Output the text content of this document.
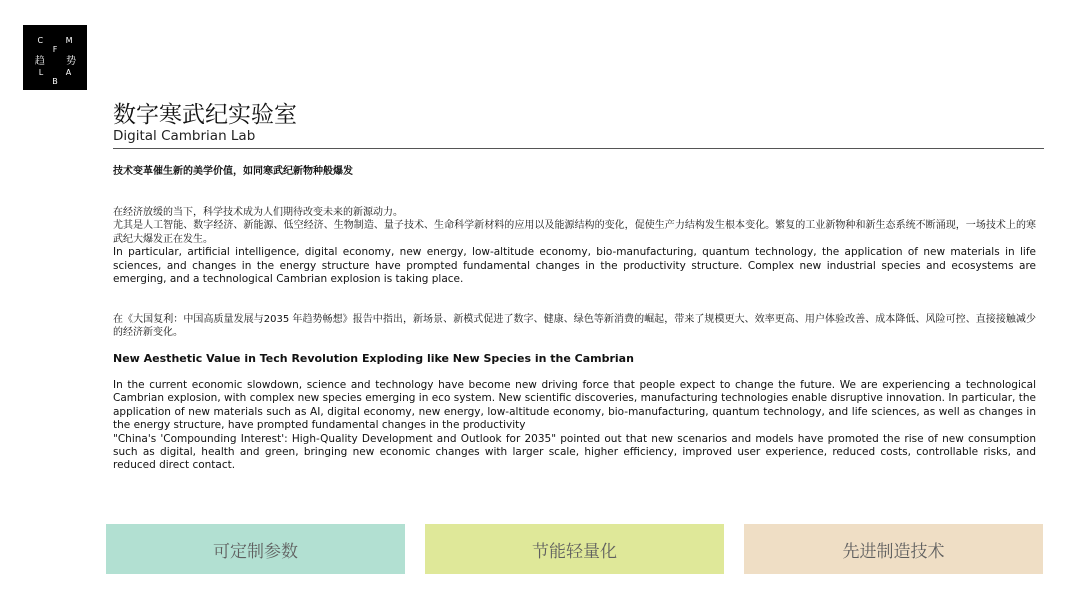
C M F
趋 势
L A B
数字寒武纪实验室
Digital Cambrian Lab
技术变革催生新的美学价值，如同寒武纪新物种般爆发
在经济放缓的当下，科学技术成为人们期待改变未来的新源动力。
尤其是人工智能、数字经济、新能源、低空经济、生物制造、量子技术、生命科学新材料的应用以及能源结构的变化，促使生产力结构发生根本变化。繁复的工业新物种和新生态系统不断涌现，一场技术上的寒武纪大爆发正在发生。
In particular, artificial intelligence, digital economy, new energy, low-altitude economy, bio-manufacturing, quantum technology, the application of new materials in life sciences, and changes in the energy structure have prompted fundamental changes in the productivity structure. Complex new industrial species and ecosystems are emerging, and a technological Cambrian explosion is taking place.
在《大国复利：中国高质量发展与2035 年趋势畅想》报告中指出，新场景、新模式促进了数字、健康、绿色等新消费的崛起，带来了规模更大、效率更高、用户体验改善、成本降低、风险可控、直接接触减少的经济新变化。
New Aesthetic Value in Tech Revolution Exploding like New Species in the Cambrian
In the current economic slowdown, science and technology have become new driving force that people expect to change the future. We are experiencing a technological Cambrian explosion, with complex new species emerging in eco system. New scientific discoveries, manufacturing technologies enable disruptive innovation. In particular, the application of new materials such as AI, digital economy, new energy, low-altitude economy, bio-manufacturing, quantum technology, and life sciences, as well as changes in the energy structure, have prompted fundamental changes in the productivity
"China's 'Compounding Interest': High-Quality Development and Outlook for 2035" pointed out that new scenarios and models have promoted the rise of new consumption such as digital, health and green, bringing new economic changes with larger scale, higher efficiency, improved user experience, reduced costs, controllable risks, and reduced direct contact.
可定制参数	节能轻量化	先进制造技术
